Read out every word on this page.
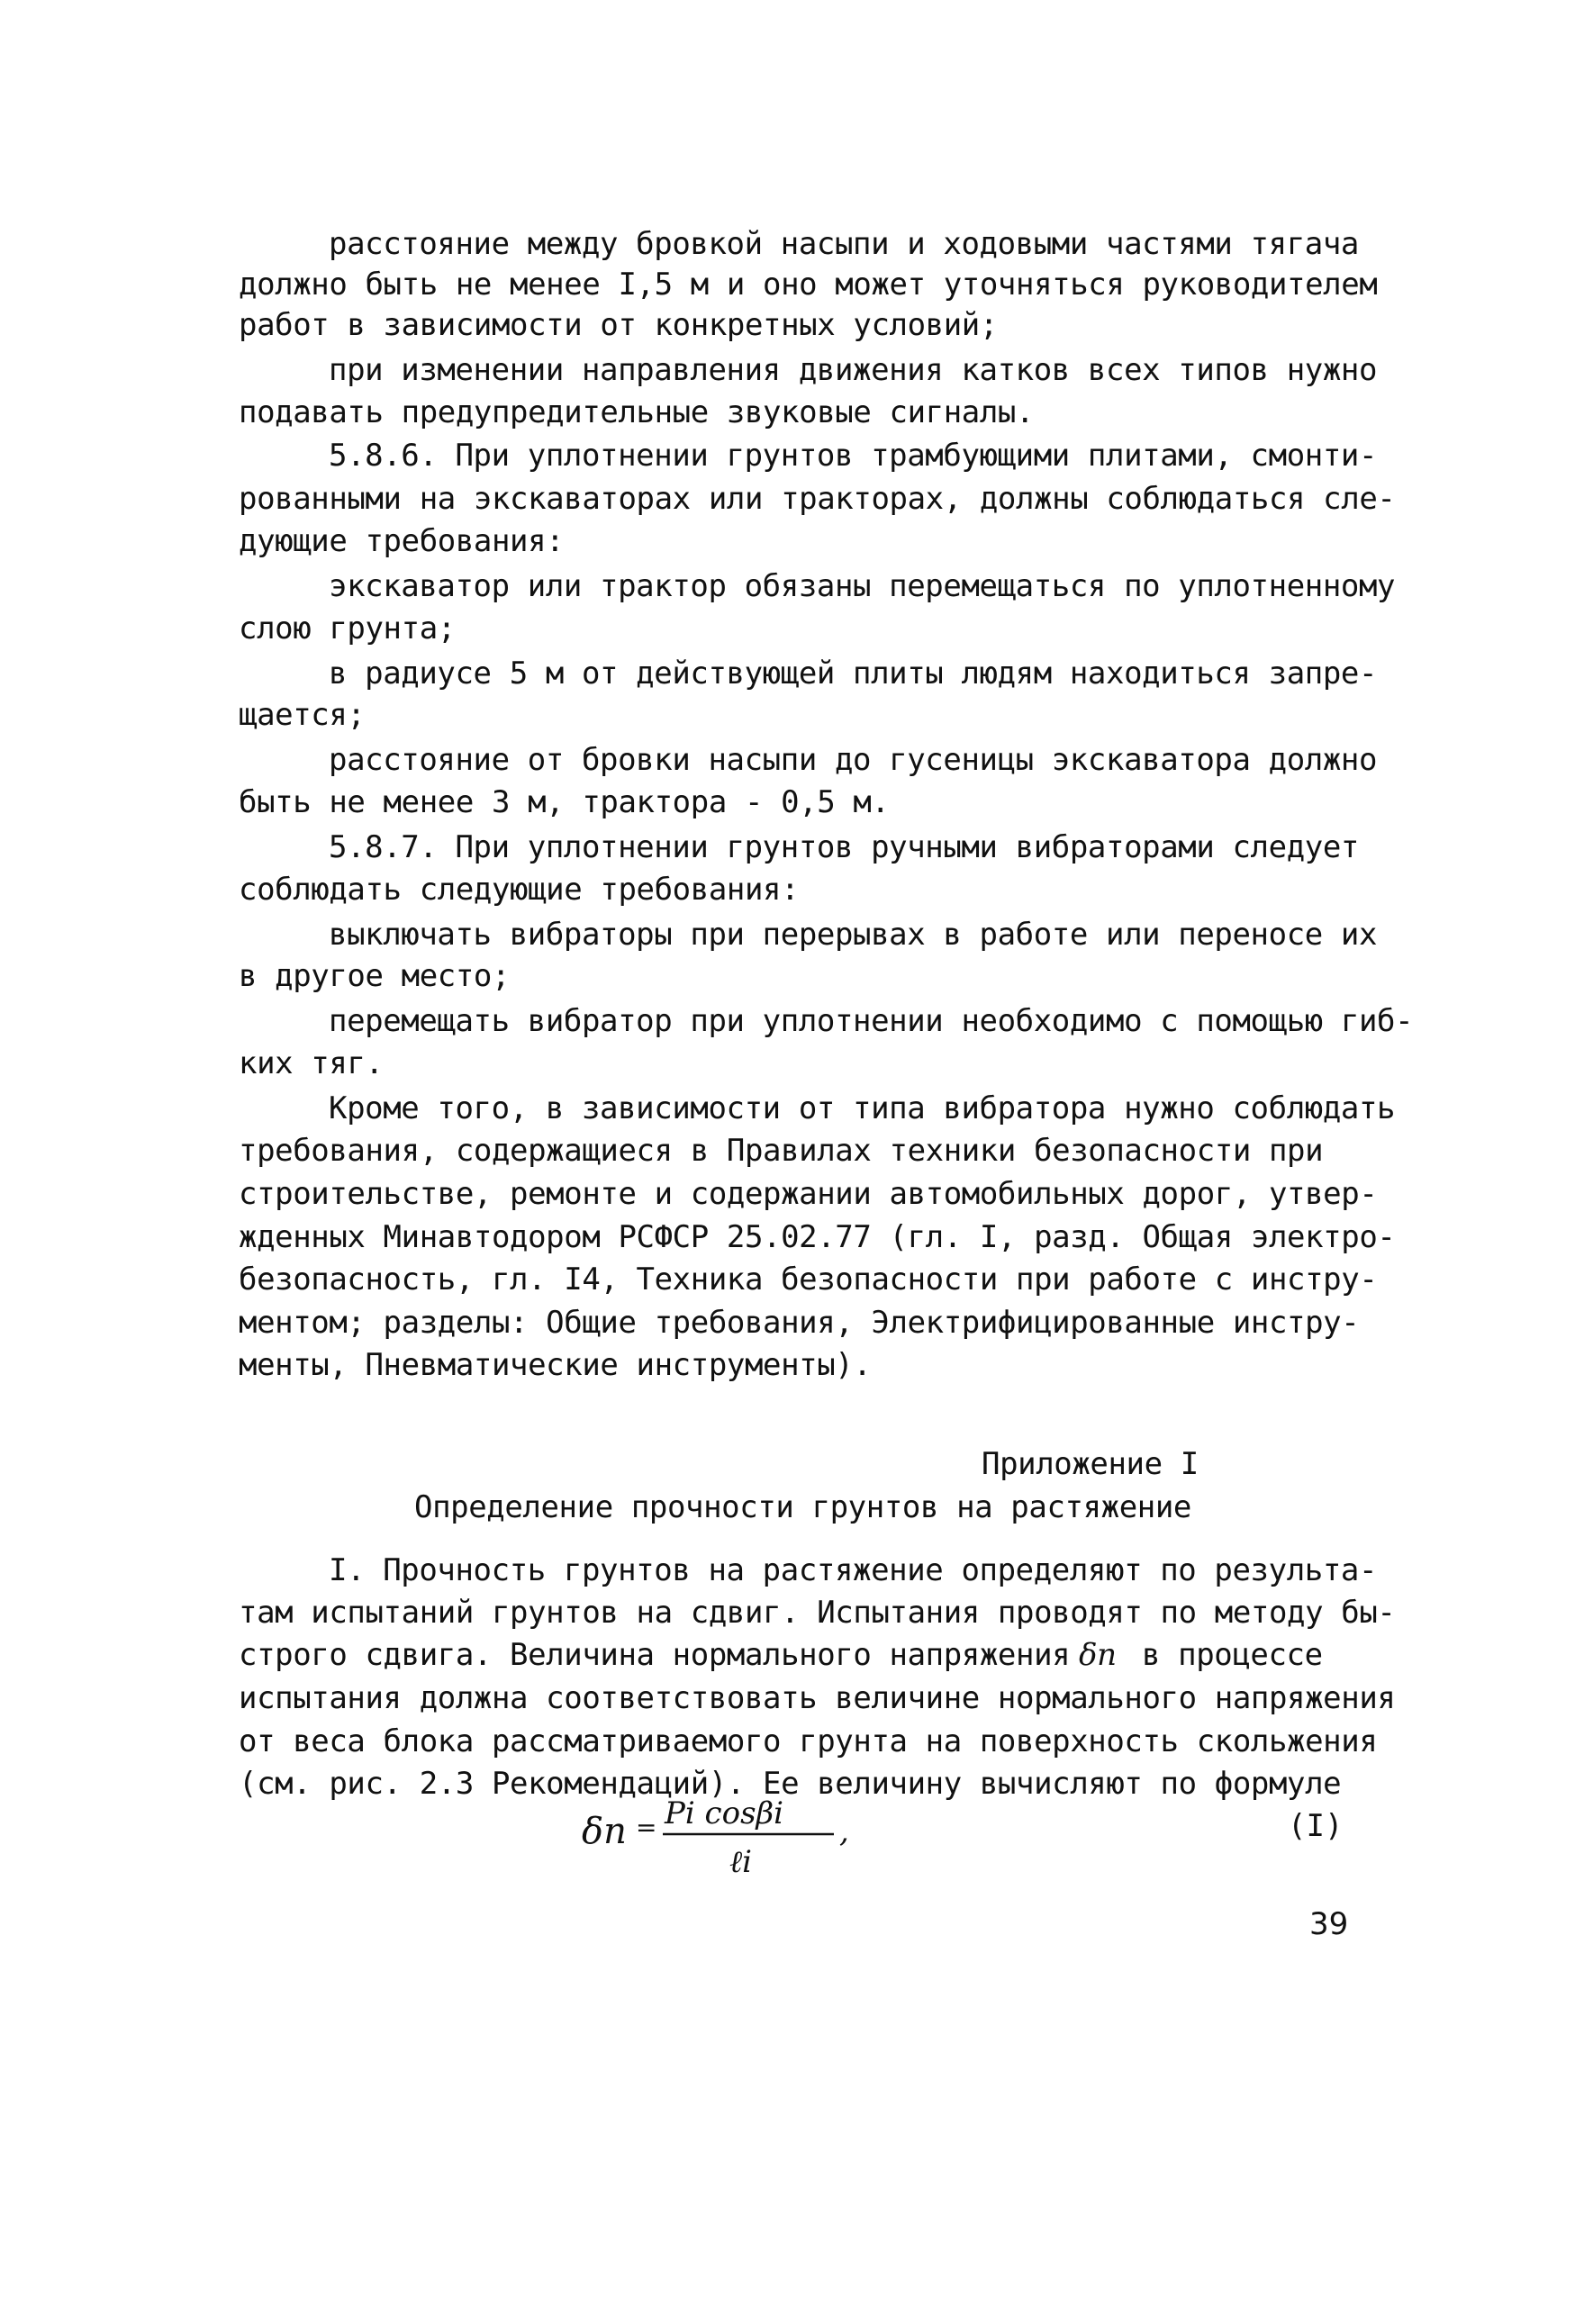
расстояние между бровкой насыпи и ходовыми частями тягача

должно быть не менее I,5 м и оно может уточняться руководителем

работ в зависимости от конкретных условий;

при изменении направления движения катков всех типов нужно

подавать предупредительные звуковые сигналы.

5.8.6. При уплотнении грунтов трамбующими плитами, смонти-

рованными на экскаваторах или тракторах, должны соблюдаться сле-

дующие требования:

экскаватор или трактор обязаны перемещаться по уплотненному

слою грунта;

в радиусе 5 м от действующей плиты людям находиться запре-

щается;

расстояние от бровки насыпи до гусеницы экскаватора должно

быть не менее 3 м, трактора - 0,5 м.

5.8.7. При уплотнении грунтов ручными вибраторами следует

соблюдать следующие требования:

выключать вибраторы при перерывах в работе или переносе их

в другое место;

перемещать вибратор при уплотнении необходимо с помощью гиб-

ких тяг.

Кроме того, в зависимости от типа вибратора нужно соблюдать

требования, содержащиеся в Правилах техники безопасности при

строительстве, ремонте и содержании автомобильных дорог, утвер-

жденных Минавтодором РСФСР 25.02.77 (гл. I, разд. Общая электро-

безопасность, гл. I4, Техника безопасности при работе с инстру-

ментом; разделы: Общие требования, Электрифицированные инстру-

менты, Пневматические инструменты).

Приложение I

Определение прочности грунтов на растяжение

I. Прочность грунтов на растяжение определяют по результа-

там испытаний грунтов на сдвиг. Испытания проводят по методу бы-

строго сдвига. Величина нормального напряжения δn в процессе

испытания должна соответствовать величине нормального напряжения

от веса блока рассматриваемого грунта на поверхность скольжения

(см. рис. 2.3 Рекомендаций). Ее величину вычисляют по формуле

δn = Pi cosβi
ℓi
,	(I)
39
